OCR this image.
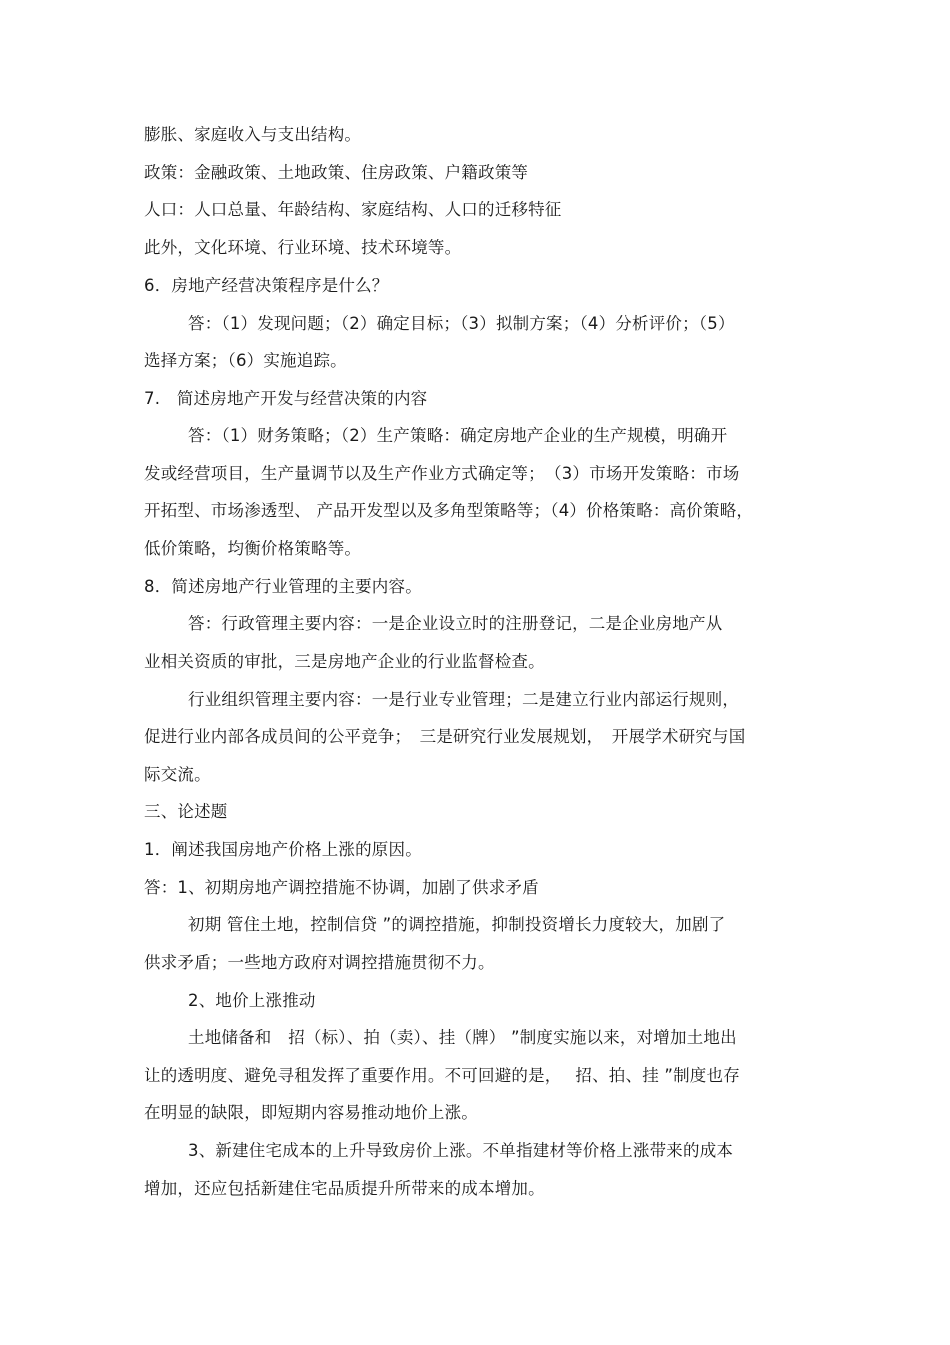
膨胀、家庭收入与支出结构。
政策：金融政策、土地政策、住房政策、户籍政策等
人口：人口总量、年龄结构、家庭结构、人口的迁移特征
此外，文化环境、行业环境、技术环境等。
6．房地产经营决策程序是什么？
答：（1）发现问题；（2）确定目标；（3）拟制方案；（4）分析评价；（5）
选择方案；（6）实施追踪。
7.　简述房地产开发与经营决策的内容
答：（1）财务策略；（2）生产策略：确定房地产企业的生产规模，明确开
发或经营项目，生产量调节以及生产作业方式确定等；　（3）市场开发策略：市场
开拓型、市场渗透型、 产品开发型以及多角型策略等；（4）价格策略：高价策略，
低价策略，均衡价格策略等。
8．简述房地产行业管理的主要内容。
答：行政管理主要内容：一是企业设立时的注册登记，二是企业房地产从
业相关资质的审批，三是房地产企业的行业监督检查。
行业组织管理主要内容：一是行业专业管理；二是建立行业内部运行规则，
促进行业内部各成员间的公平竞争；　三是研究行业发展规划，　开展学术研究与国
际交流。
三、论述题
1．阐述我国房地产价格上涨的原因。
答：1、初期房地产调控措施不协调，加剧了供求矛盾
初期 管住土地，控制信贷 ”的调控措施，抑制投资增长力度较大，加剧了
供求矛盾；一些地方政府对调控措施贯彻不力。
2、地价上涨推动
土地储备和　招（标）、拍（卖）、挂（牌） ”制度实施以来，对增加土地出
让的透明度、避免寻租发挥了重要作用。不可回避的是，　 招、拍、挂 ”制度也存
在明显的缺限，即短期内容易推动地价上涨。
3、新建住宅成本的上升导致房价上涨。不单指建材等价格上涨带来的成本
增加，还应包括新建住宅品质提升所带来的成本增加。
